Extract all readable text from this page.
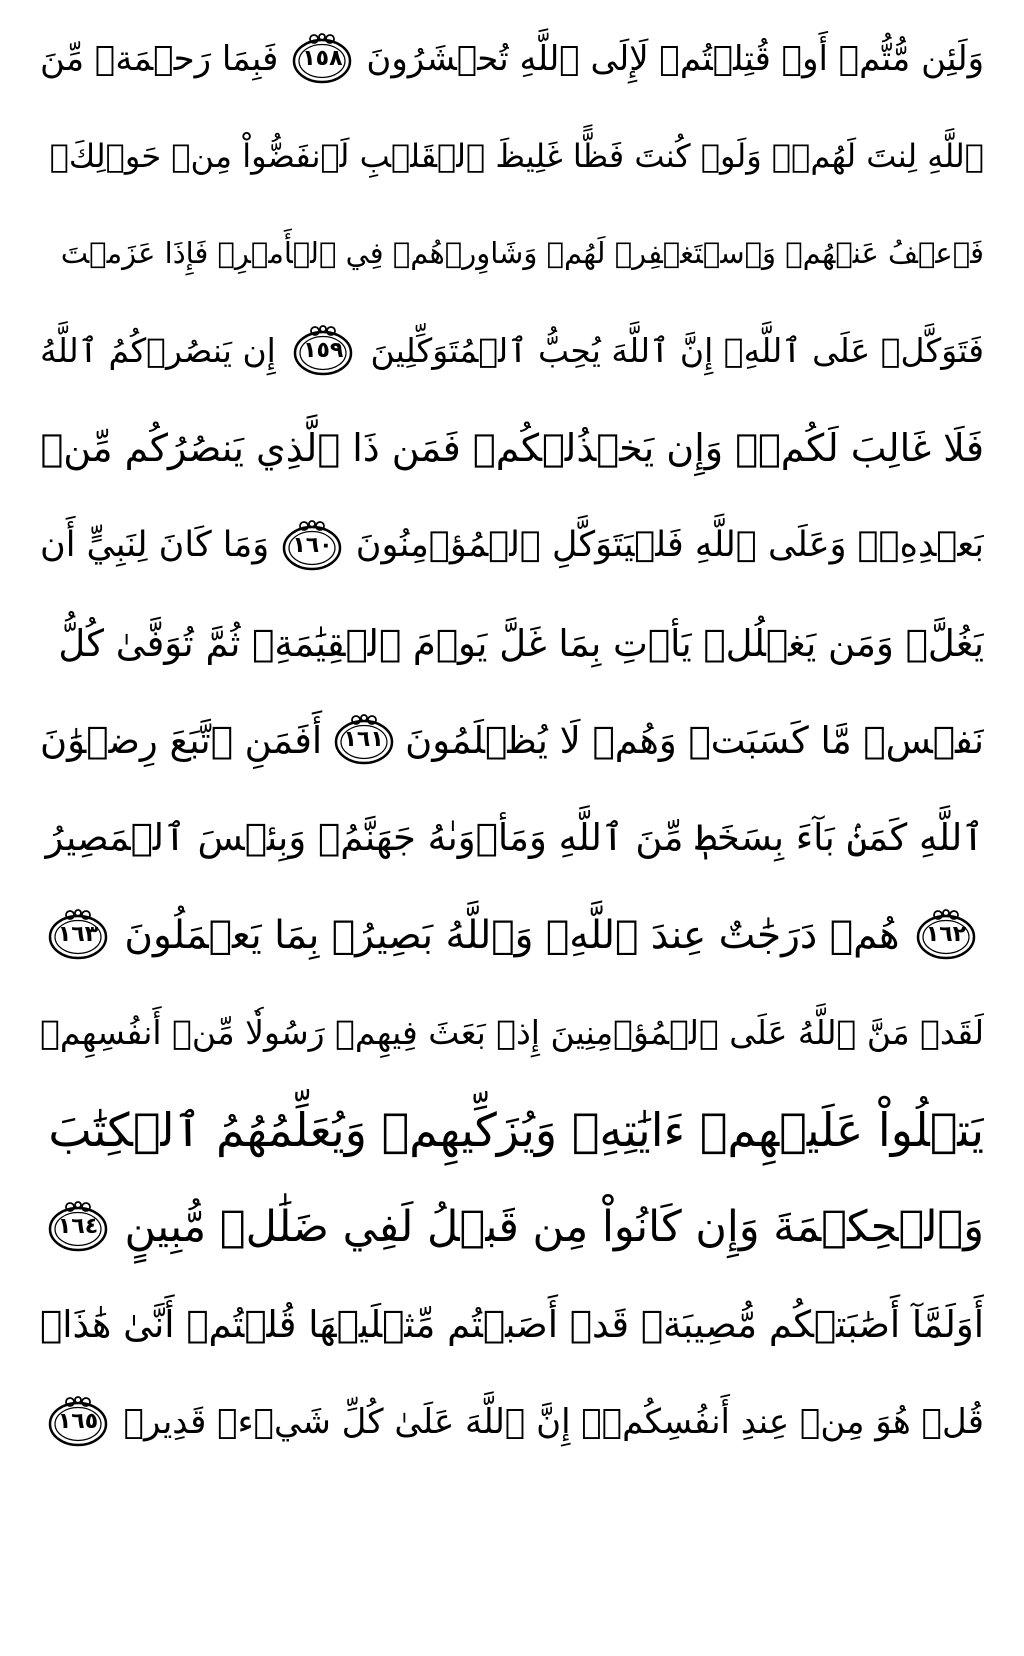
وَلَئِن مُّتُّمۡ أَوۡ قُتِلۡتُمۡ لَإِلَى ٱللَّهِ تُحۡشَرُونَ
١٥٨
فَبِمَا رَحۡمَةٖ مِّنَ
ٱللَّهِ لِنتَ لَهُمۡۖ وَلَوۡ كُنتَ فَظًّا غَلِيظَ ٱلۡقَلۡبِ لَٱنفَضُّواْ مِنۡ حَوۡلِكَۖ
فَٱعۡفُ عَنۡهُمۡ وَٱسۡتَغۡفِرۡ لَهُمۡ وَشَاوِرۡهُمۡ فِي ٱلۡأَمۡرِۖ فَإِذَا عَزَمۡتَ
فَتَوَكَّلۡ عَلَى ٱللَّهِۚ إِنَّ ٱللَّهَ يُحِبُّ ٱلۡمُتَوَكِّلِينَ
١٥٩
إِن يَنصُرۡكُمُ ٱللَّهُ
فَلَا غَالِبَ لَكُمۡۖ وَإِن يَخۡذُلۡكُمۡ فَمَن ذَا ٱلَّذِي يَنصُرُكُم مِّنۢ
بَعۡدِهِۦۗ وَعَلَى ٱللَّهِ فَلۡيَتَوَكَّلِ ٱلۡمُؤۡمِنُونَ
١٦٠
وَمَا كَانَ لِنَبِيٍّ أَن
يَغُلَّۚ وَمَن يَغۡلُلۡ يَأۡتِ بِمَا غَلَّ يَوۡمَ ٱلۡقِيَٰمَةِۚ ثُمَّ تُوَفَّىٰ كُلُّ
نَفۡسٖ مَّا كَسَبَتۡ وَهُمۡ لَا يُظۡلَمُونَ
١٦١
أَفَمَنِ ٱتَّبَعَ رِضۡوَٰنَ
ٱللَّهِ كَمَنۢ بَآءَ بِسَخَطٖ مِّنَ ٱللَّهِ وَمَأۡوَىٰهُ جَهَنَّمُۖ وَبِئۡسَ ٱلۡمَصِيرُ
١٦٢
هُمۡ دَرَجَٰتٌ عِندَ ٱللَّهِۗ وَٱللَّهُ بَصِيرُۢ بِمَا يَعۡمَلُونَ
١٦٣
لَقَدۡ مَنَّ ٱللَّهُ عَلَى ٱلۡمُؤۡمِنِينَ إِذۡ بَعَثَ فِيهِمۡ رَسُولٗا مِّنۡ أَنفُسِهِمۡ
يَتۡلُواْ عَلَيۡهِمۡ ءَايَٰتِهِۦ وَيُزَكِّيهِمۡ وَيُعَلِّمُهُمُ ٱلۡكِتَٰبَ
وَٱلۡحِكۡمَةَ وَإِن كَانُواْ مِن قَبۡلُ لَفِي ضَلَٰلٖ مُّبِينٍ
١٦٤
أَوَلَمَّآ أَصَٰبَتۡكُم مُّصِيبَةٞ قَدۡ أَصَبۡتُم مِّثۡلَيۡهَا قُلۡتُمۡ أَنَّىٰ هَٰذَاۖ
قُلۡ هُوَ مِنۡ عِندِ أَنفُسِكُمۡۗ إِنَّ ٱللَّهَ عَلَىٰ كُلِّ شَيۡءٖ قَدِيرٞ
١٦٥
